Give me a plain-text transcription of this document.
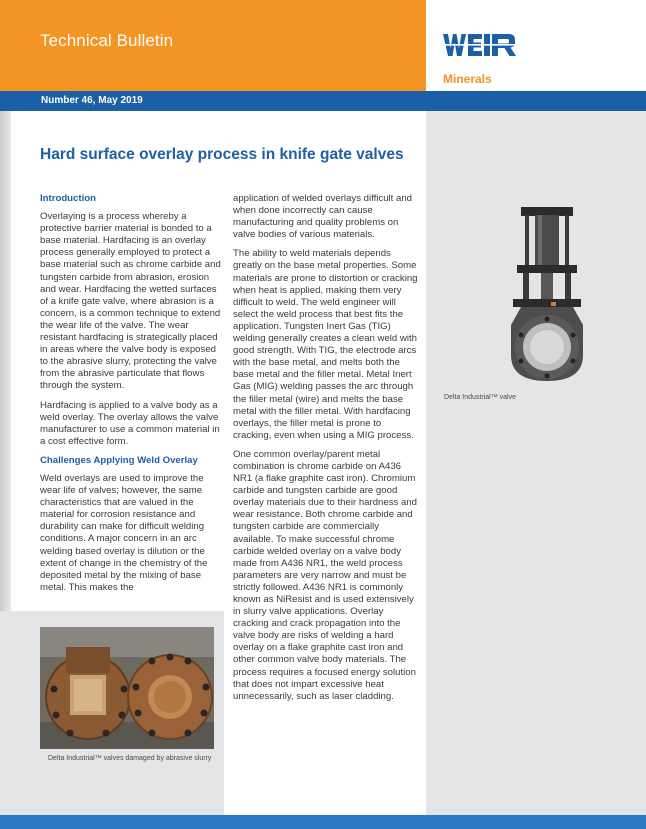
Technical Bulletin
Minerals
Number 46, May 2019
Hard surface overlay process in knife gate valves

Introduction

Overlaying is a process whereby a protective barrier material is bonded to a base material. Hardfacing is an overlay process generally employed to protect a base material such as chrome carbide and tungsten carbide from abrasion, erosion and wear. Hardfacing the wetted surfaces of a knife gate valve, where abrasion is a concern, is a common technique to extend the wear life of the valve. The wear resistant hardfacing is strategically placed in areas where the valve body is exposed to the abrasive slurry, protecting the valve from the abrasive particulate that flows through the system.

Hardfacing is applied to a valve body as a weld overlay. The overlay allows the valve manufacturer to use a common material in a cost effective form.

Challenges Applying Weld Overlay

Weld overlays are used to improve the wear life of valves; however, the same characteristics that are valued in the material for corrosion resistance and durability can make for difficult welding conditions. A major concern in an arc welding based overlay is dilution or the extent of change in the chemistry of the deposited metal by the mixing of base metal. This makes the

application of welded overlays difficult and when done incorrectly can cause manufacturing and quality problems on valve bodies of various materials.

The ability to weld materials depends greatly on the base metal properties. Some materials are prone to distortion or cracking when heat is applied, making them very difficult to weld. The weld engineer will select the weld process that best fits the application. Tungsten Inert Gas (TIG) welding generally creates a clean weld with good strength. With TIG, the electrode arcs with the base metal, and melts both the base metal and the filler metal. Metal Inert Gas (MIG) welding passes the arc through the filler metal (wire) and melts the base metal with the filler metal. With hardfacing overlays, the filler metal is prone to cracking, even when using a MIG process.

One common overlay/parent metal combination is chrome carbide on A436 NR1 (a flake graphite cast iron). Chromium carbide and tungsten carbide are good overlay materials due to their hardness and wear resistance. Both chrome carbide and tungsten carbide are commercially available. To make successful chrome carbide welded overlay on a valve body made from A436 NR1, the weld process parameters are very narrow and must be strictly followed. A436 NR1 is commonly known as NiResist and is used extensively in slurry valve applications. Overlay cracking and crack propagation into the valve body are risks of welding a hard overlay on a flake graphite cast iron and other common valve body materials. The process requires a focused energy solution that does not impart excessive heat unnecessarily, such as laser cladding.

Delta Industrial™ valves damaged by abrasive slurry
Delta Industrial™ valve
